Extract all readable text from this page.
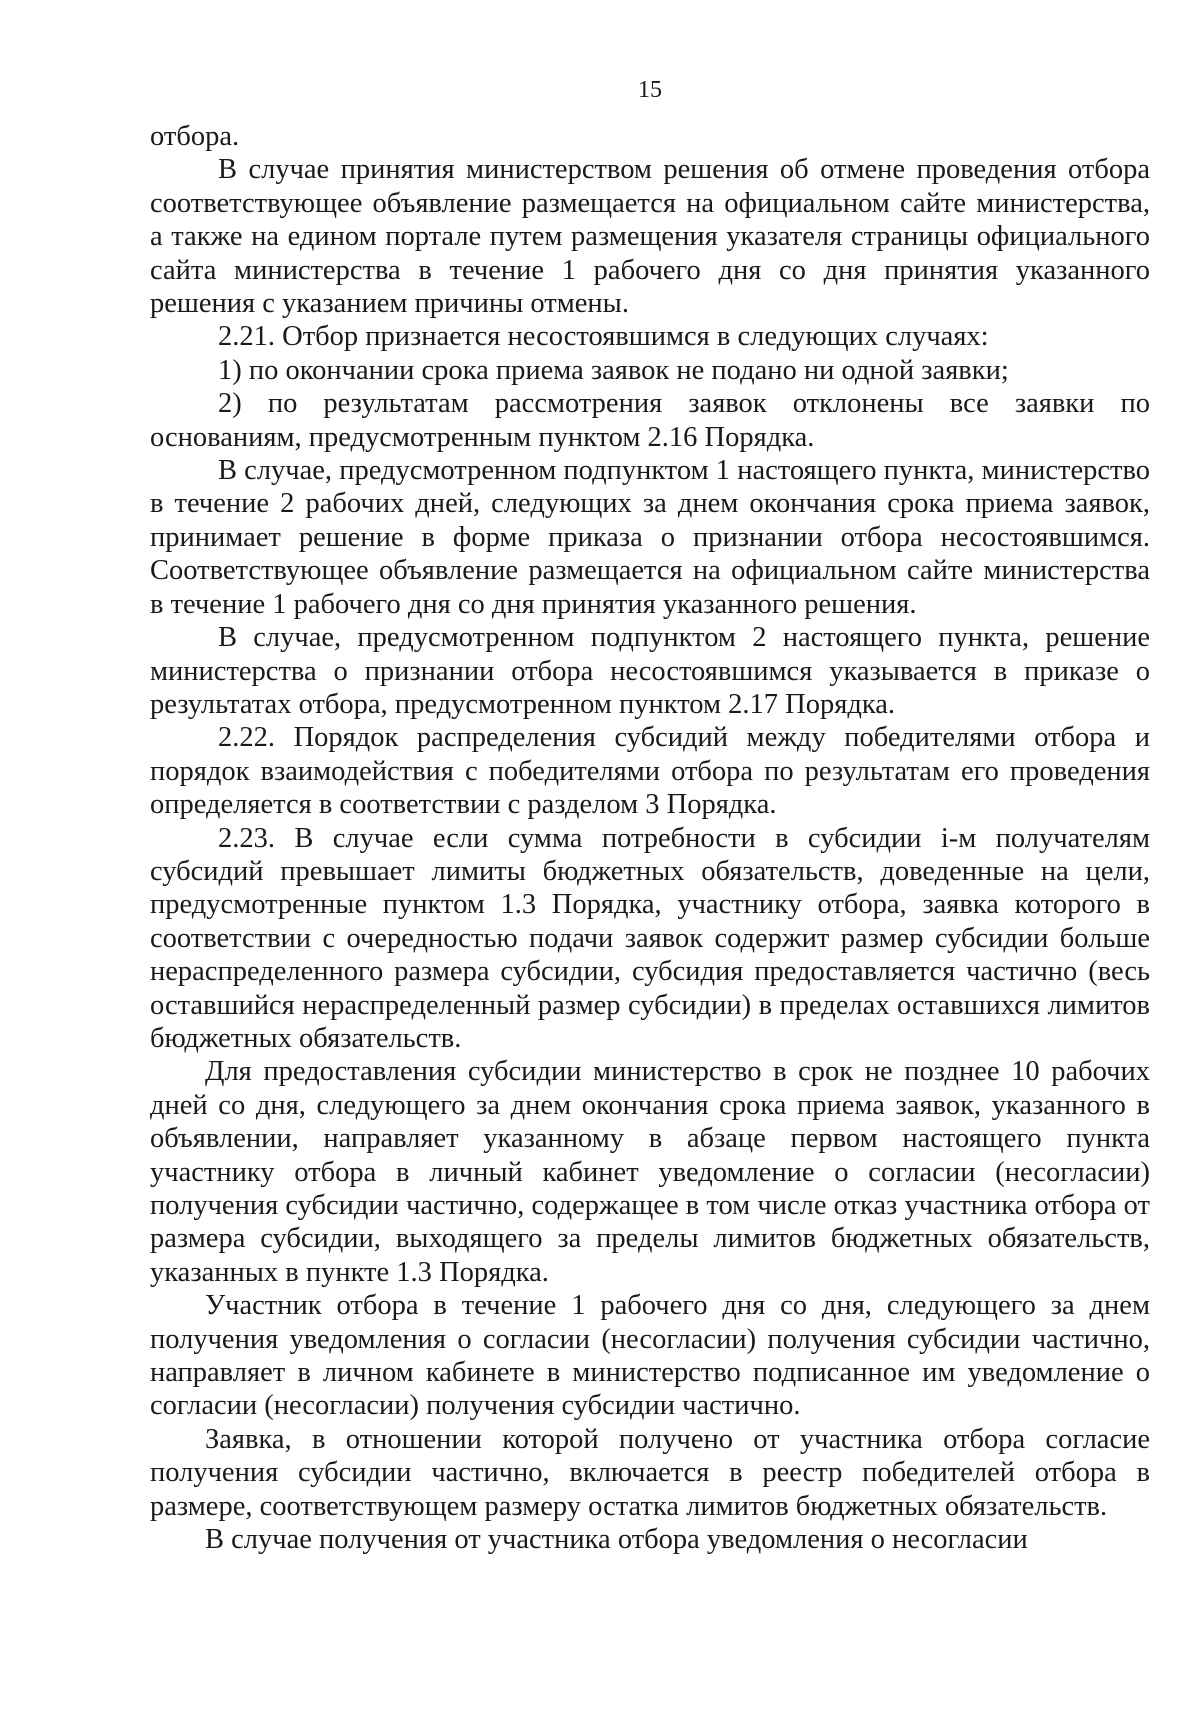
15

отбора.

В случае принятия министерством решения об отмене проведения отбора соответствующее объявление размещается на официальном сайте министерства, а также на едином портале путем размещения указателя страницы официального сайта министерства в течение 1 рабочего дня со дня принятия указанного решения с указанием причины отмены.

2.21. Отбор признается несостоявшимся в следующих случаях:

1) по окончании срока приема заявок не подано ни одной заявки;

2) по результатам рассмотрения заявок отклонены все заявки по основаниям, предусмотренным пунктом 2.16 Порядка.

В случае, предусмотренном подпунктом 1 настоящего пункта, министерство в течение 2 рабочих дней, следующих за днем окончания срока приема заявок, принимает решение в форме приказа о признании отбора несостоявшимся. Соответствующее объявление размещается на официальном сайте министерства в течение 1 рабочего дня со дня принятия указанного решения.

В случае, предусмотренном подпунктом 2 настоящего пункта, решение министерства о признании отбора несостоявшимся указывается в приказе о результатах отбора, предусмотренном пунктом 2.17 Порядка.

2.22. Порядок распределения субсидий между победителями отбора и порядок взаимодействия с победителями отбора по результатам его проведения определяется в соответствии с разделом 3 Порядка.

2.23. В случае если сумма потребности в субсидии i-м получателям субсидий превышает лимиты бюджетных обязательств, доведенные на цели, предусмотренные пунктом 1.3 Порядка, участнику отбора, заявка которого в соответствии с очередностью подачи заявок содержит размер субсидии больше нераспределенного размера субсидии, субсидия предоставляется частично (весь оставшийся нераспределенный размер субсидии) в пределах оставшихся лимитов бюджетных обязательств.

Для предоставления субсидии министерство в срок не позднее 10 рабочих дней со дня, следующего за днем окончания срока приема заявок, указанного в объявлении, направляет указанному в абзаце первом настоящего пункта участнику отбора в личный кабинет уведомление о согласии (несогласии) получения субсидии частично, содержащее в том числе отказ участника отбора от размера субсидии, выходящего за пределы лимитов бюджетных обязательств, указанных в пункте 1.3 Порядка.

Участник отбора в течение 1 рабочего дня со дня, следующего за днем получения уведомления о согласии (несогласии) получения субсидии частично, направляет в личном кабинете в министерство подписанное им уведомление о согласии (несогласии) получения субсидии частично.

Заявка, в отношении которой получено от участника отбора согласие получения субсидии частично, включается в реестр победителей отбора в размере, соответствующем размеру остатка лимитов бюджетных обязательств.

В случае получения от участника отбора уведомления о несогласии
